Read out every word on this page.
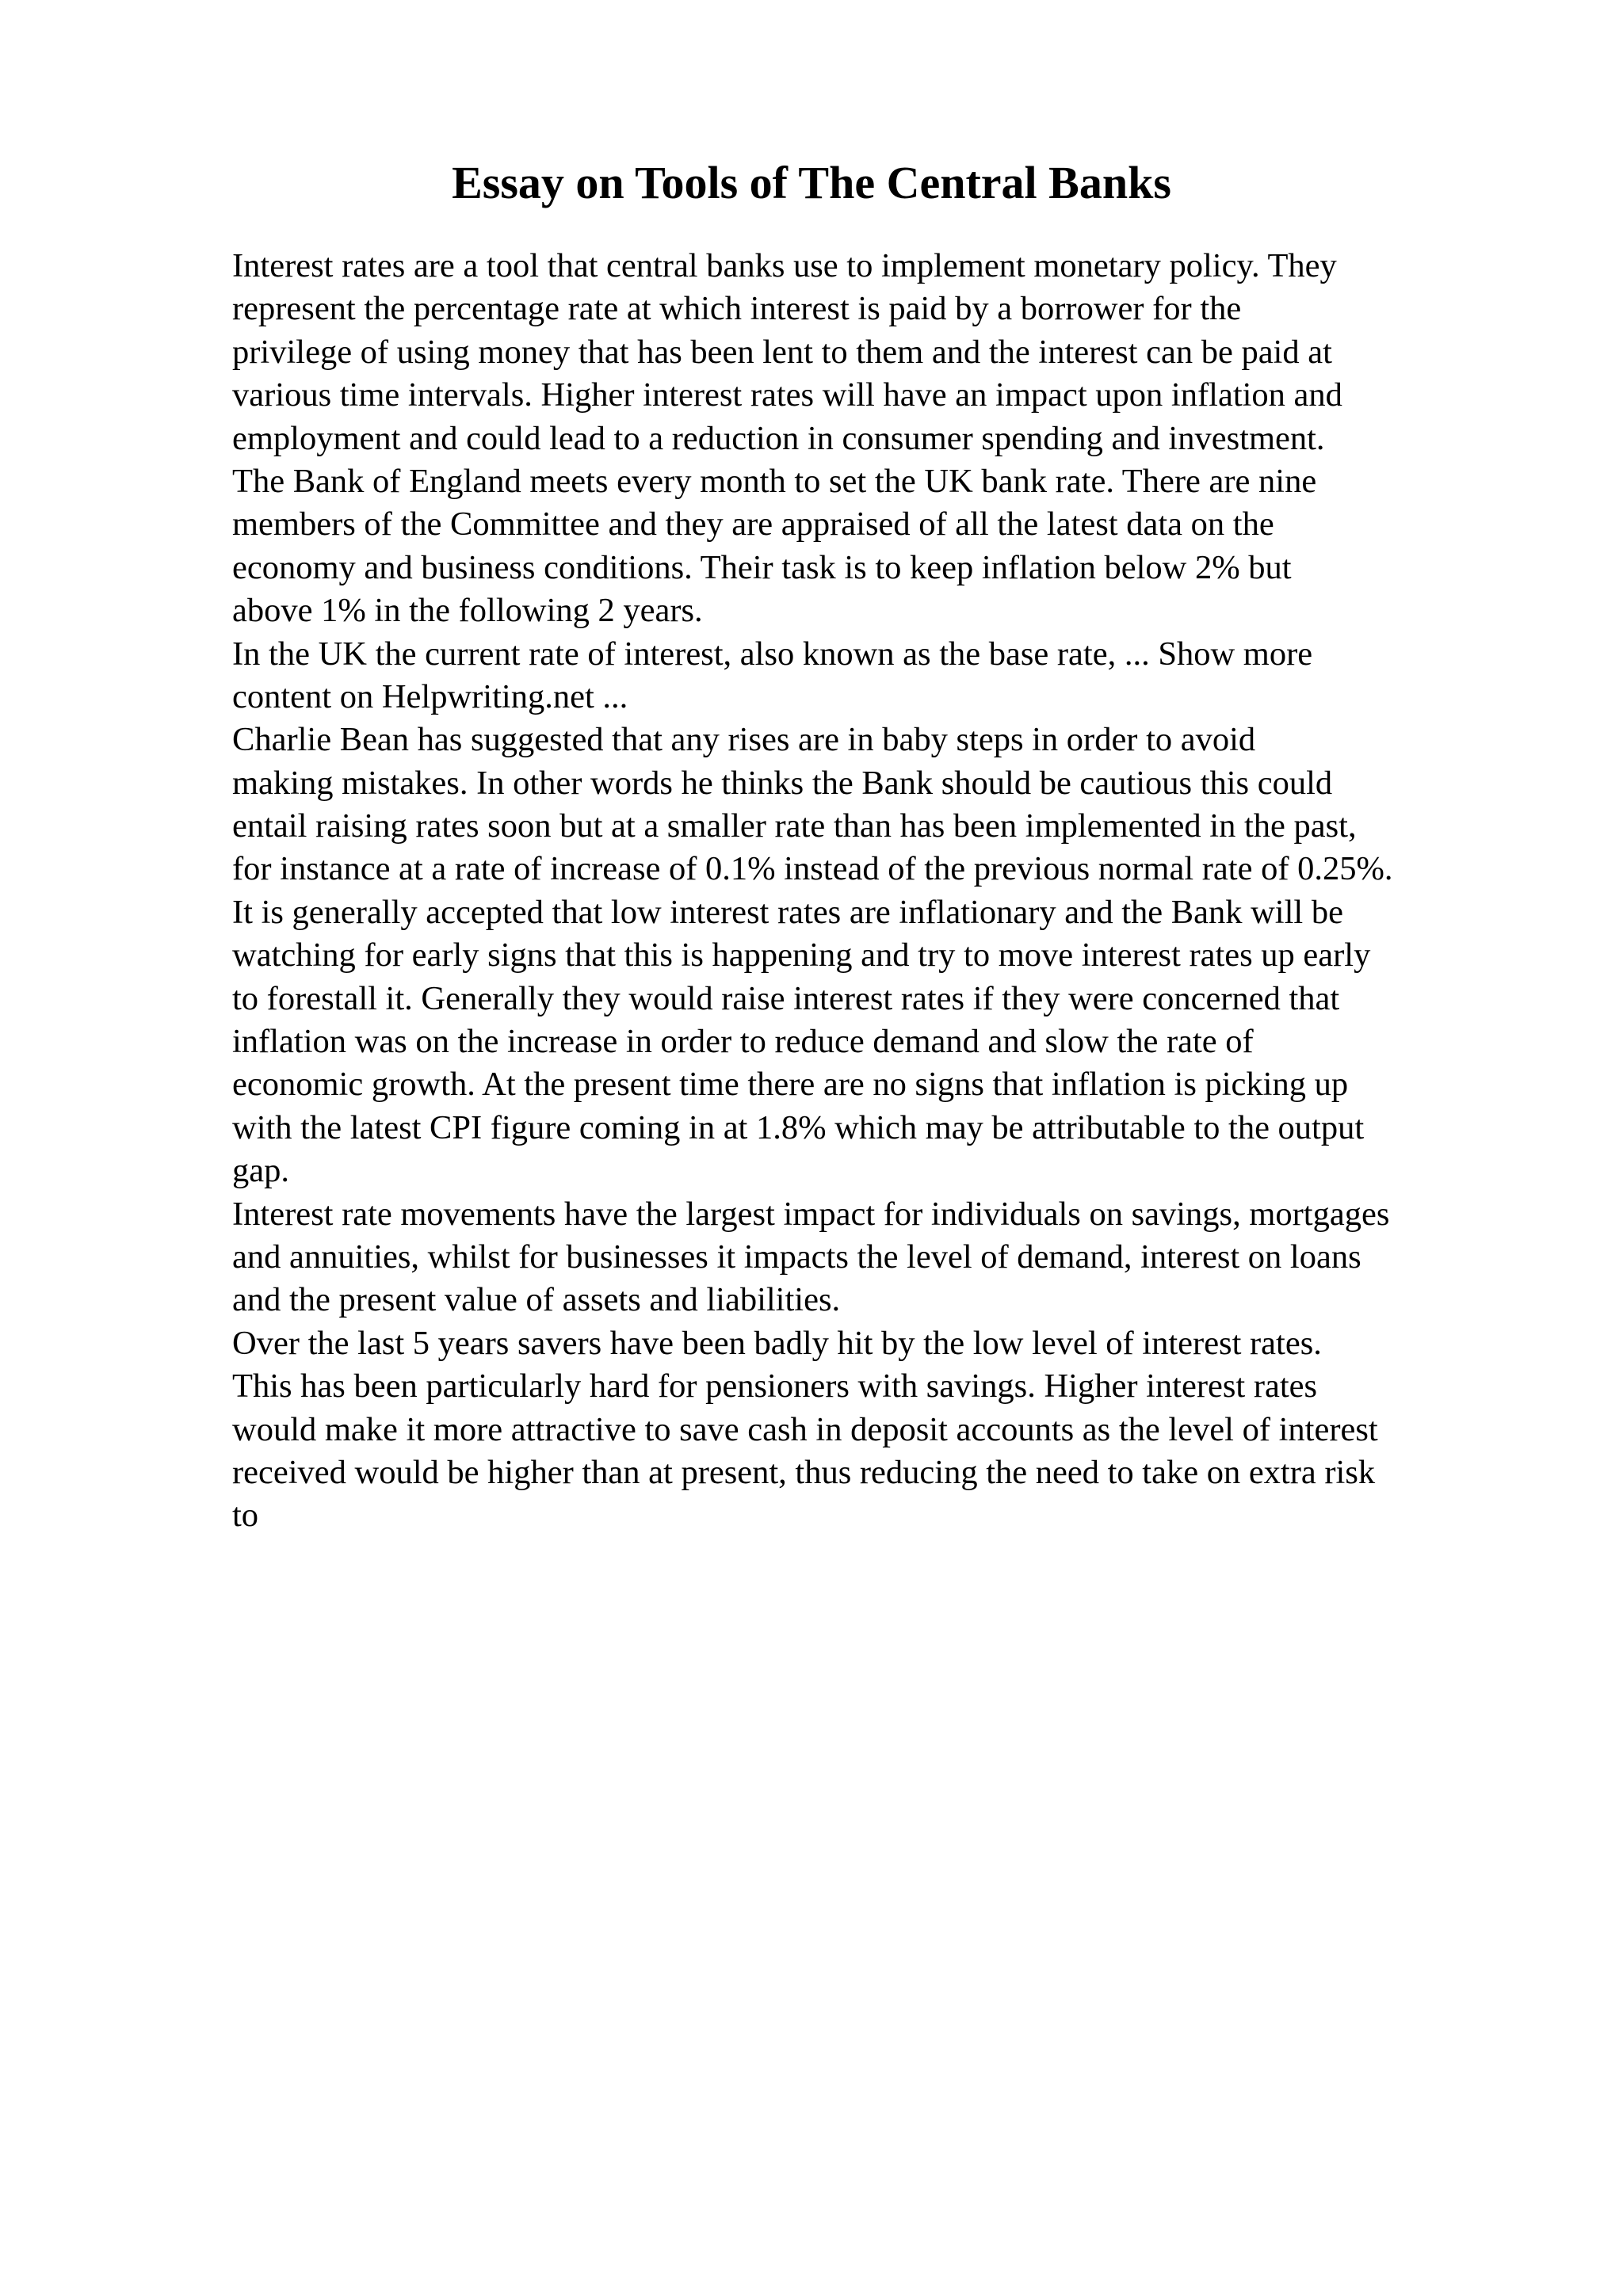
Essay on Tools of The Central Banks
Interest rates are a tool that central banks use to implement monetary policy. They
represent the percentage rate at which interest is paid by a borrower for the
privilege of using money that has been lent to them and the interest can be paid at
various time intervals. Higher interest rates will have an impact upon inflation and
employment and could lead to a reduction in consumer spending and investment.
The Bank of England meets every month to set the UK bank rate. There are nine
members of the Committee and they are appraised of all the latest data on the
economy and business conditions. Their task is to keep inflation below 2% but
above 1% in the following 2 years.
In the UK the current rate of interest, also known as the base rate, ... Show more
content on Helpwriting.net ...
Charlie Bean has suggested that any rises are in baby steps in order to avoid
making mistakes. In other words he thinks the Bank should be cautious this could
entail raising rates soon but at a smaller rate than has been implemented in the past,
for instance at a rate of increase of 0.1% instead of the previous normal rate of 0.25%.
It is generally accepted that low interest rates are inflationary and the Bank will be
watching for early signs that this is happening and try to move interest rates up early
to forestall it. Generally they would raise interest rates if they were concerned that
inflation was on the increase in order to reduce demand and slow the rate of
economic growth. At the present time there are no signs that inflation is picking up
with the latest CPI figure coming in at 1.8% which may be attributable to the output
gap.
Interest rate movements have the largest impact for individuals on savings, mortgages
and annuities, whilst for businesses it impacts the level of demand, interest on loans
and the present value of assets and liabilities.
Over the last 5 years savers have been badly hit by the low level of interest rates.
This has been particularly hard for pensioners with savings. Higher interest rates
would make it more attractive to save cash in deposit accounts as the level of interest
received would be higher than at present, thus reducing the need to take on extra risk
to
